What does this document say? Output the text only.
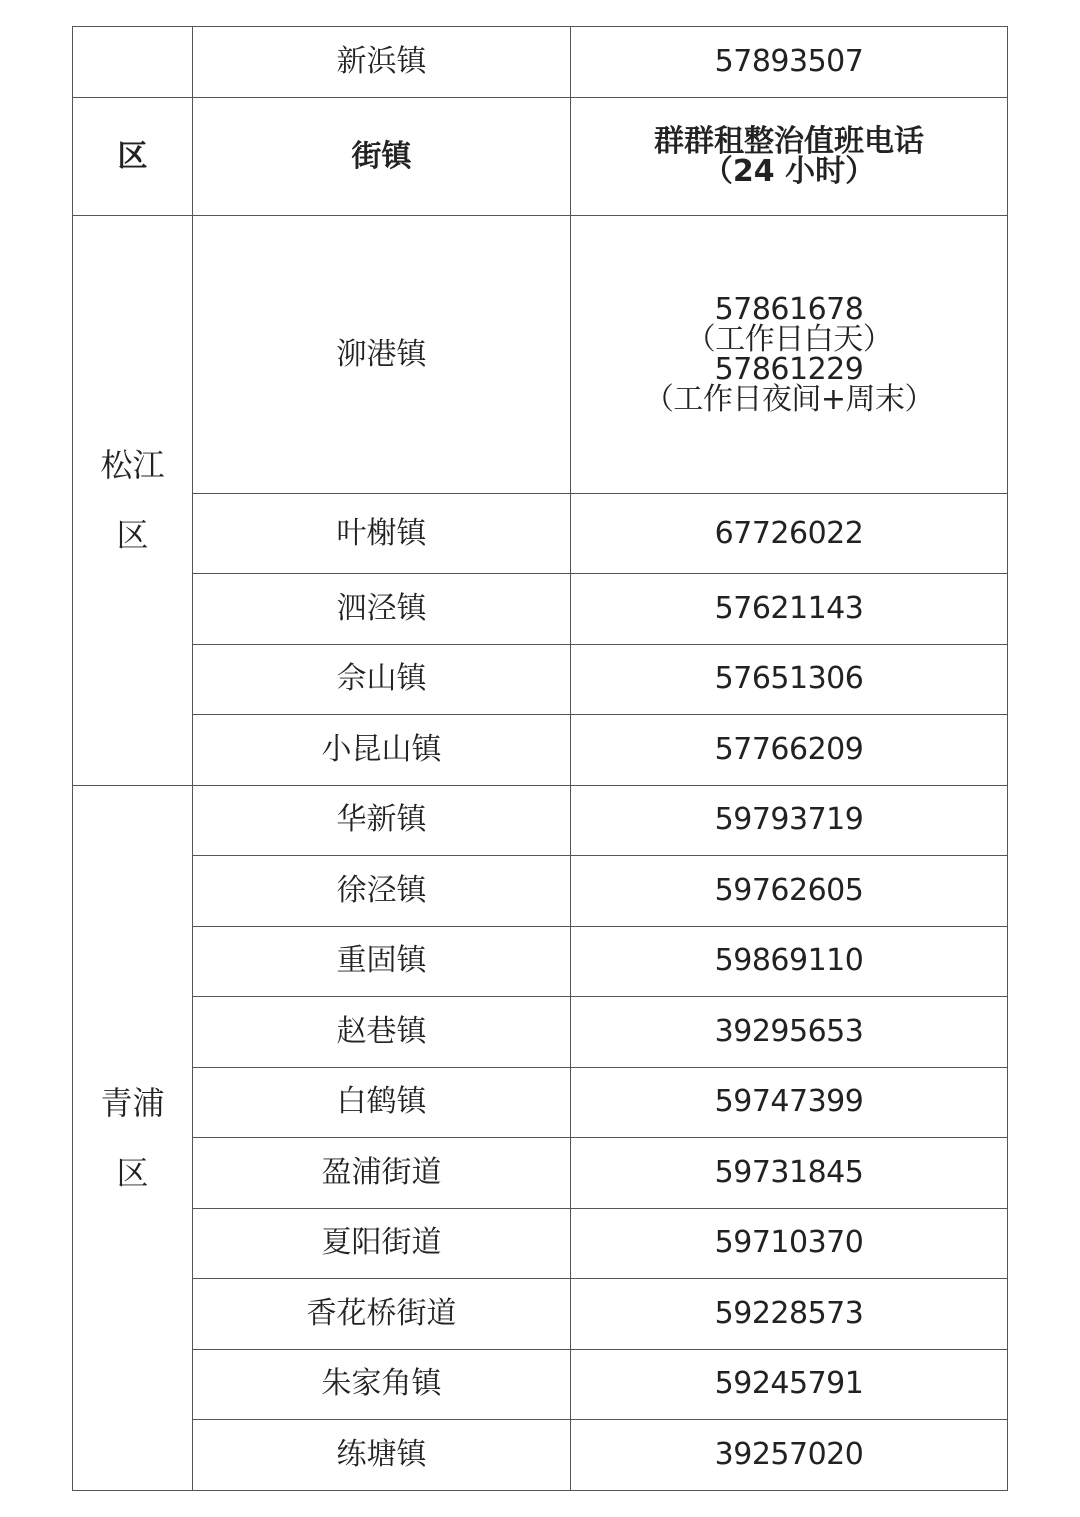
	新浜镇	57893507
区	街镇	群群租整治值班电话
（24 小时）

松江区	泖港镇	57861678
（工作日白天）
57861229
（工作日夜间+周末）

	叶榭镇	67726022
	泗泾镇	57621143
	佘山镇	57651306
	小昆山镇	57766209
青浦区	华新镇	59793719
	徐泾镇	59762605
	重固镇	59869110
	赵巷镇	39295653
	白鹤镇	59747399
	盈浦街道	59731845
	夏阳街道	59710370
	香花桥街道	59228573
	朱家角镇	59245791
	练塘镇	39257020
